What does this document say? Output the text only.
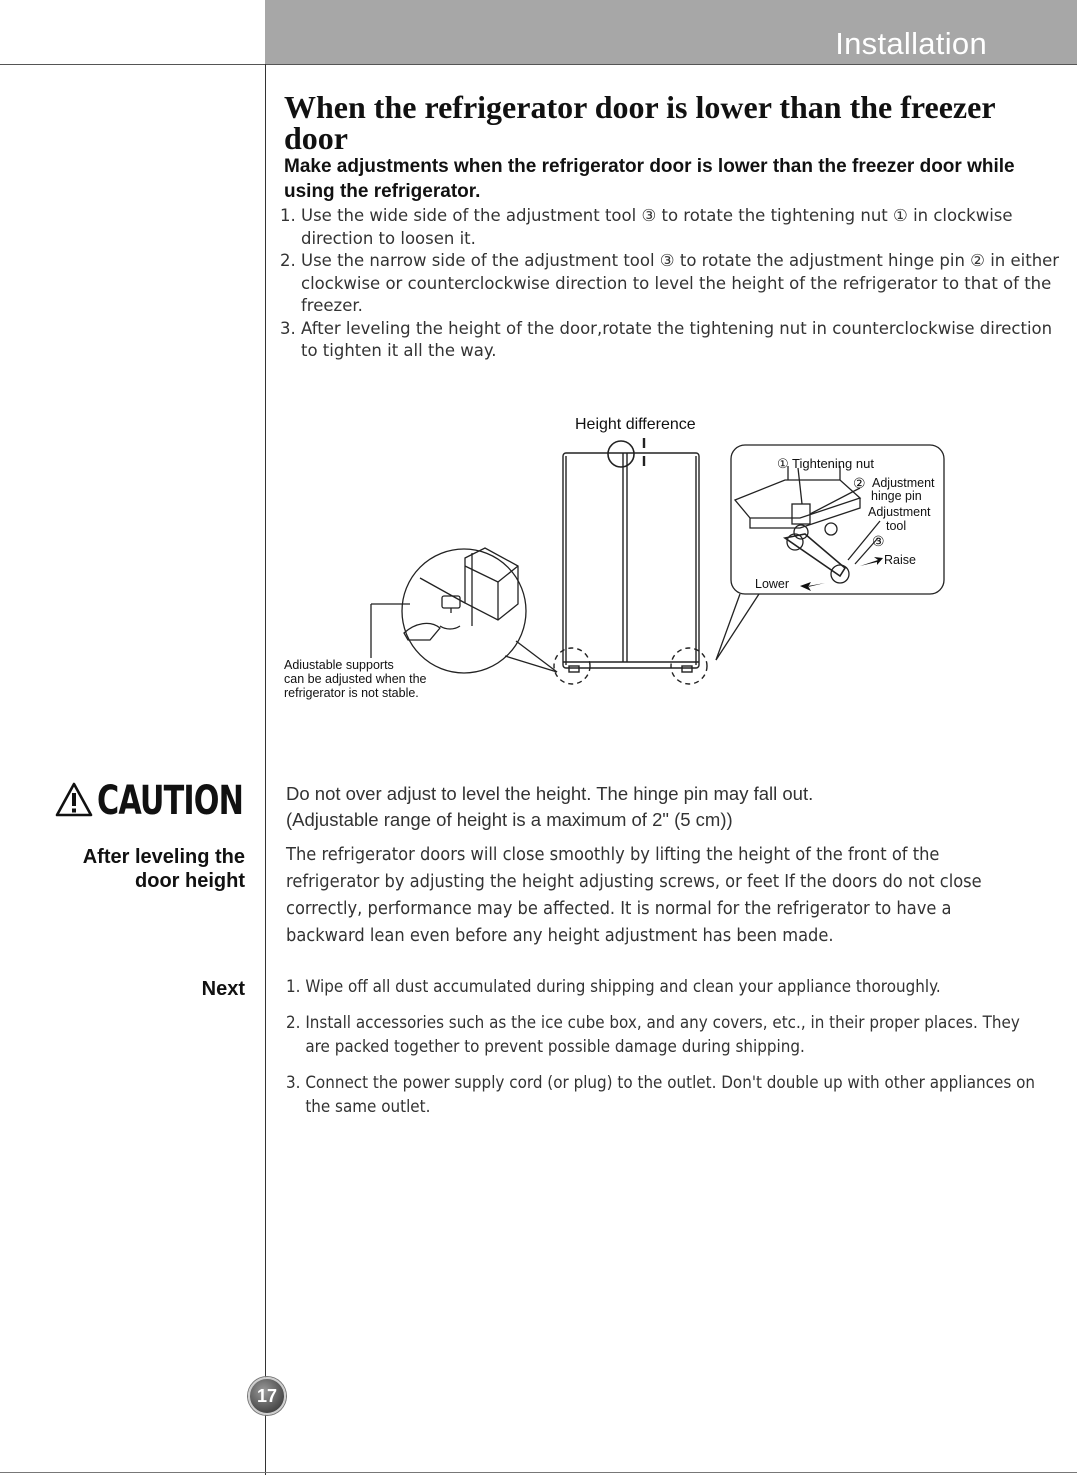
Installation
When the refrigerator door is lower than the freezer door

Make adjustments when the refrigerator door is lower than the freezer door while using the refrigerator.

1. Use the wide side of the adjustment tool ③ to rotate the tightening nut ① in clockwise direction to loosen it.
2. Use the narrow side of the adjustment tool ③ to rotate the adjustment hinge pin ② in either clockwise or counterclockwise direction to level the height of the refrigerator to that of the freezer.
3. After leveling the height of the door,rotate the tightening nut in counterclockwise direction to tighten it all the way.
Height difference
① Tightening nut
② Adjustment
hinge pin
Adjustment
tool
③
Raise
Lower
Adiustable supports
can be adjusted when the
refrigerator is not stable.
CAUTION Do not over adjust to level the height. The hinge pin may fall out.
(Adjustable range of height is a maximum of 2" (5 cm))
After leveling the
door height

The refrigerator doors will close smoothly by lifting the height of the front of the refrigerator by adjusting the height adjusting screws, or feet If the doors do not close correctly, performance may be affected. It is normal for the refrigerator to have a backward lean even before any height adjustment has been made.

Next 1. Wipe off all dust accumulated during shipping and clean your appliance thoroughly.
2. Install accessories such as the ice cube box, and any covers, etc., in their proper places. They are packed together to prevent possible damage during shipping.
3. Connect the power supply cord (or plug) to the outlet. Don't double up with other appliances on the same outlet.
17
